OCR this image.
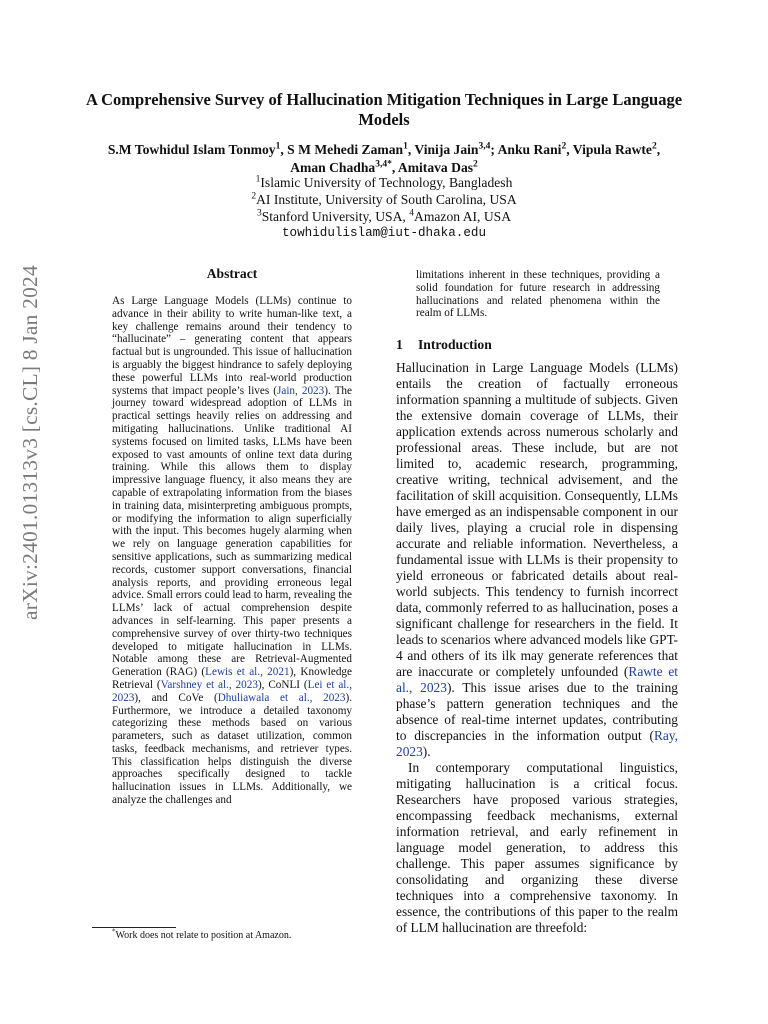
arXiv:2401.01313v3 [cs.CL] 8 Jan 2024
A Comprehensive Survey of Hallucination Mitigation Techniques in Large Language Models
S.M Towhidul Islam Tonmoy$^1$, S M Mehedi Zaman$^1$, Vinija Jain$^{3,4}$; Anku Rani$^2$, Vipula Rawte$^2$,
Aman Chadha$^{3,4*}$, Amitava Das$^2$
$^1$Islamic University of Technology, Bangladesh
$^2$AI Institute, University of South Carolina, USA
$^3$Stanford University, USA, $^4$Amazon AI, USA
towhidulislam@iut-dhaka.edu
Abstract
As Large Language Models (LLMs) continue to advance in their ability to write human-like text, a key challenge remains around their tendency to “hallucinate” – generating content that appears factual but is ungrounded. This issue of hallucination is arguably the biggest hindrance to safely deploying these powerful LLMs into real-world production systems that impact people’s lives (Jain, 2023). The journey toward widespread adoption of LLMs in practical settings heavily relies on addressing and mitigating hallucinations. Unlike traditional AI systems focused on limited tasks, LLMs have been exposed to vast amounts of online text data during training. While this allows them to display impressive language fluency, it also means they are capable of extrapolating information from the biases in training data, misinterpreting ambiguous prompts, or modifying the information to align superficially with the input. This becomes hugely alarming when we rely on language generation capabilities for sensitive applications, such as summarizing medical records, customer support conversations, financial analysis reports, and providing erroneous legal advice. Small errors could lead to harm, revealing the LLMs’ lack of actual comprehension despite advances in self-learning. This paper presents a comprehensive survey of over thirty-two techniques developed to mitigate hallucination in LLMs. Notable among these are Retrieval-Augmented Generation (RAG) (Lewis et al., 2021), Knowledge Retrieval (Varshney et al., 2023), CoNLI (Lei et al., 2023), and CoVe (Dhuliawala et al., 2023). Furthermore, we introduce a detailed taxonomy categorizing these methods based on various parameters, such as dataset utilization, common tasks, feedback mechanisms, and retriever types. This classification helps distinguish the diverse approaches specifically designed to tackle hallucination issues in LLMs. Additionally, we analyze the challenges and
limitations inherent in these techniques, providing a solid foundation for future research in addressing hallucinations and related phenomena within the realm of LLMs.
1 Introduction

Hallucination in Large Language Models (LLMs) entails the creation of factually erroneous information spanning a multitude of subjects. Given the extensive domain coverage of LLMs, their application extends across numerous scholarly and professional areas. These include, but are not limited to, academic research, programming, creative writing, technical advisement, and the facilitation of skill acquisition. Consequently, LLMs have emerged as an indispensable component in our daily lives, playing a crucial role in dispensing accurate and reliable information. Nevertheless, a fundamental issue with LLMs is their propensity to yield erroneous or fabricated details about real-world subjects. This tendency to furnish incorrect data, commonly referred to as hallucination, poses a significant challenge for researchers in the field. It leads to scenarios where advanced models like GPT-4 and others of its ilk may generate references that are inaccurate or completely unfounded (Rawte et al., 2023). This issue arises due to the training phase’s pattern generation techniques and the absence of real-time internet updates, contributing to discrepancies in the information output (Ray, 2023).

In contemporary computational linguistics, mitigating hallucination is a critical focus. Researchers have proposed various strategies, encompassing feedback mechanisms, external information retrieval, and early refinement in language model generation, to address this challenge. This paper assumes significance by consolidating and organizing these diverse techniques into a comprehensive taxonomy. In essence, the contributions of this paper to the realm of LLM hallucination are threefold:

*Work does not relate to position at Amazon.
